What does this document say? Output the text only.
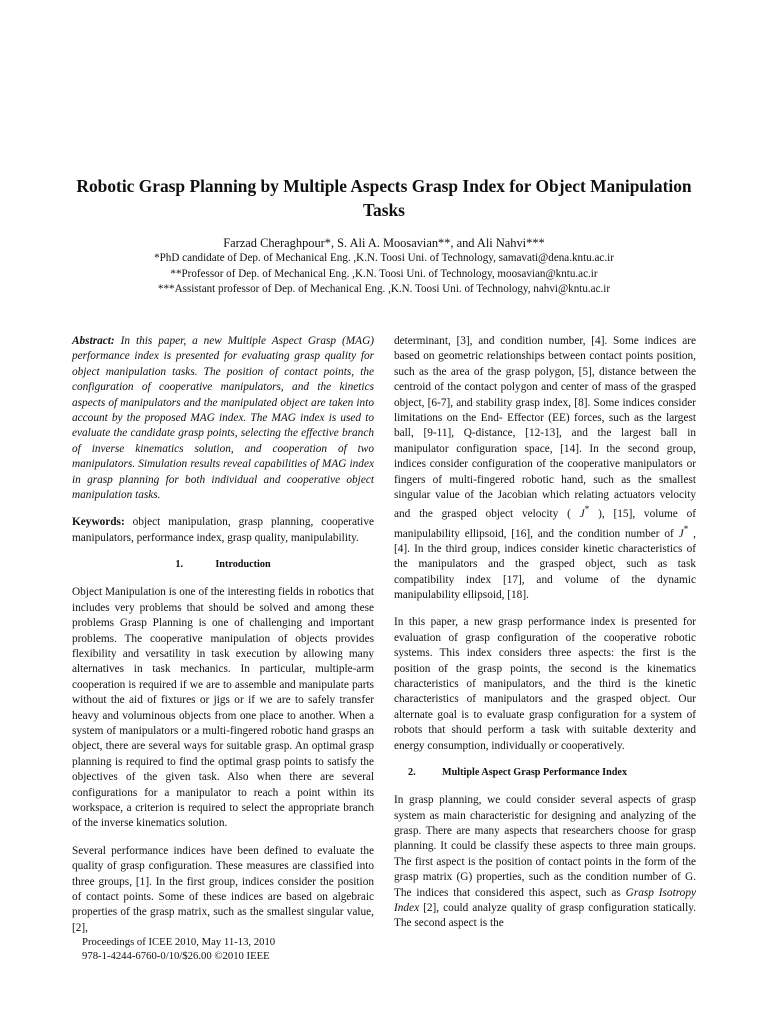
Robotic Grasp Planning by Multiple Aspects Grasp Index for Object Manipulation Tasks

Farzad Cheraghpour*, S. Ali A. Moosavian**, and Ali Nahvi***

*PhD candidate of Dep. of Mechanical Eng. ,K.N. Toosi Uni. of Technology, samavati@dena.kntu.ac.ir

**Professor of Dep. of Mechanical Eng. ,K.N. Toosi Uni. of Technology, moosavian@kntu.ac.ir

***Assistant professor of Dep. of Mechanical Eng. ,K.N. Toosi Uni. of Technology, nahvi@kntu.ac.ir

Abstract: In this paper, a new Multiple Aspect Grasp (MAG) performance index is presented for evaluating grasp quality for object manipulation tasks. The position of contact points, the configuration of cooperative manipulators, and the kinetics aspects of manipulators and the manipulated object are taken into account by the proposed MAG index. The MAG index is used to evaluate the candidate grasp points, selecting the effective branch of inverse kinematics solution, and cooperation of two manipulators. Simulation results reveal capabilities of MAG index in grasp planning for both individual and cooperative object manipulation tasks.

Keywords: object manipulation, grasp planning, cooperative manipulators, performance index, grasp quality, manipulability.

1.	Introduction

Object Manipulation is one of the interesting fields in robotics that includes very problems that should be solved and among these problems Grasp Planning is one of challenging and important problems. The cooperative manipulation of objects provides flexibility and versatility in task execution by allowing many alternatives in task mechanics. In particular, multiple-arm cooperation is required if we are to assemble and manipulate parts without the aid of fixtures or jigs or if we are to safely transfer heavy and voluminous objects from one place to another. When a system of manipulators or a multi-fingered robotic hand grasps an object, there are several ways for suitable grasp. An optimal grasp planning is required to find the optimal grasp points to satisfy the objectives of the given task. Also when there are several configurations for a manipulator to reach a point within its workspace, a criterion is required to select the appropriate branch of the inverse kinematics solution.

Several performance indices have been defined to evaluate the quality of grasp configuration. These measures are classified into three groups, [1]. In the first group, indices consider the position of contact points. Some of these indices are based on algebraic properties of the grasp matrix, such as the smallest singular value, [2],

determinant, [3], and condition number, [4]. Some indices are based on geometric relationships between contact points position, such as the area of the grasp polygon, [5], distance between the centroid of the contact polygon and center of mass of the grasped object, [6-7], and stability grasp index, [8]. Some indices consider limitations on the End- Effector (EE) forces, such as the largest ball, [9-11], Q-distance, [12-13], and the largest ball in manipulator configuration space, [14]. In the second group, indices consider configuration of the cooperative manipulators or fingers of multi-fingered robotic hand, such as the smallest singular value of the Jacobian which relating actuators velocity and the grasped object velocity ( J* ), [15], volume of manipulability ellipsoid, [16], and the condition number of J* , [4]. In the third group, indices consider kinetic characteristics of the manipulators and the grasped object, such as task compatibility index [17], and volume of the dynamic manipulability ellipsoid, [18].

In this paper, a new grasp performance index is presented for evaluation of grasp configuration of the cooperative robotic systems. This index considers three aspects: the first is the position of the grasp points, the second is the kinematics characteristics of manipulators, and the third is the kinetic characteristics of manipulators and the grasped object. Our alternate goal is to evaluate grasp configuration for a system of robots that should perform a task with suitable dexterity and energy consumption, individually or cooperatively.

2.	Multiple Aspect Grasp Performance Index

In grasp planning, we could consider several aspects of grasp system as main characteristic for designing and analyzing of the grasp. There are many aspects that researchers choose for grasp planning. It could be classify these aspects to three main groups. The first aspect is the position of contact points in the form of the grasp matrix (G) properties, such as the condition number of G. The indices that considered this aspect, such as Grasp Isotropy Index [2], could analyze quality of grasp configuration statically. The second aspect is the

Proceedings of ICEE 2010, May 11-13, 2010
978-1-4244-6760-0/10/$26.00 ©2010 IEEE
